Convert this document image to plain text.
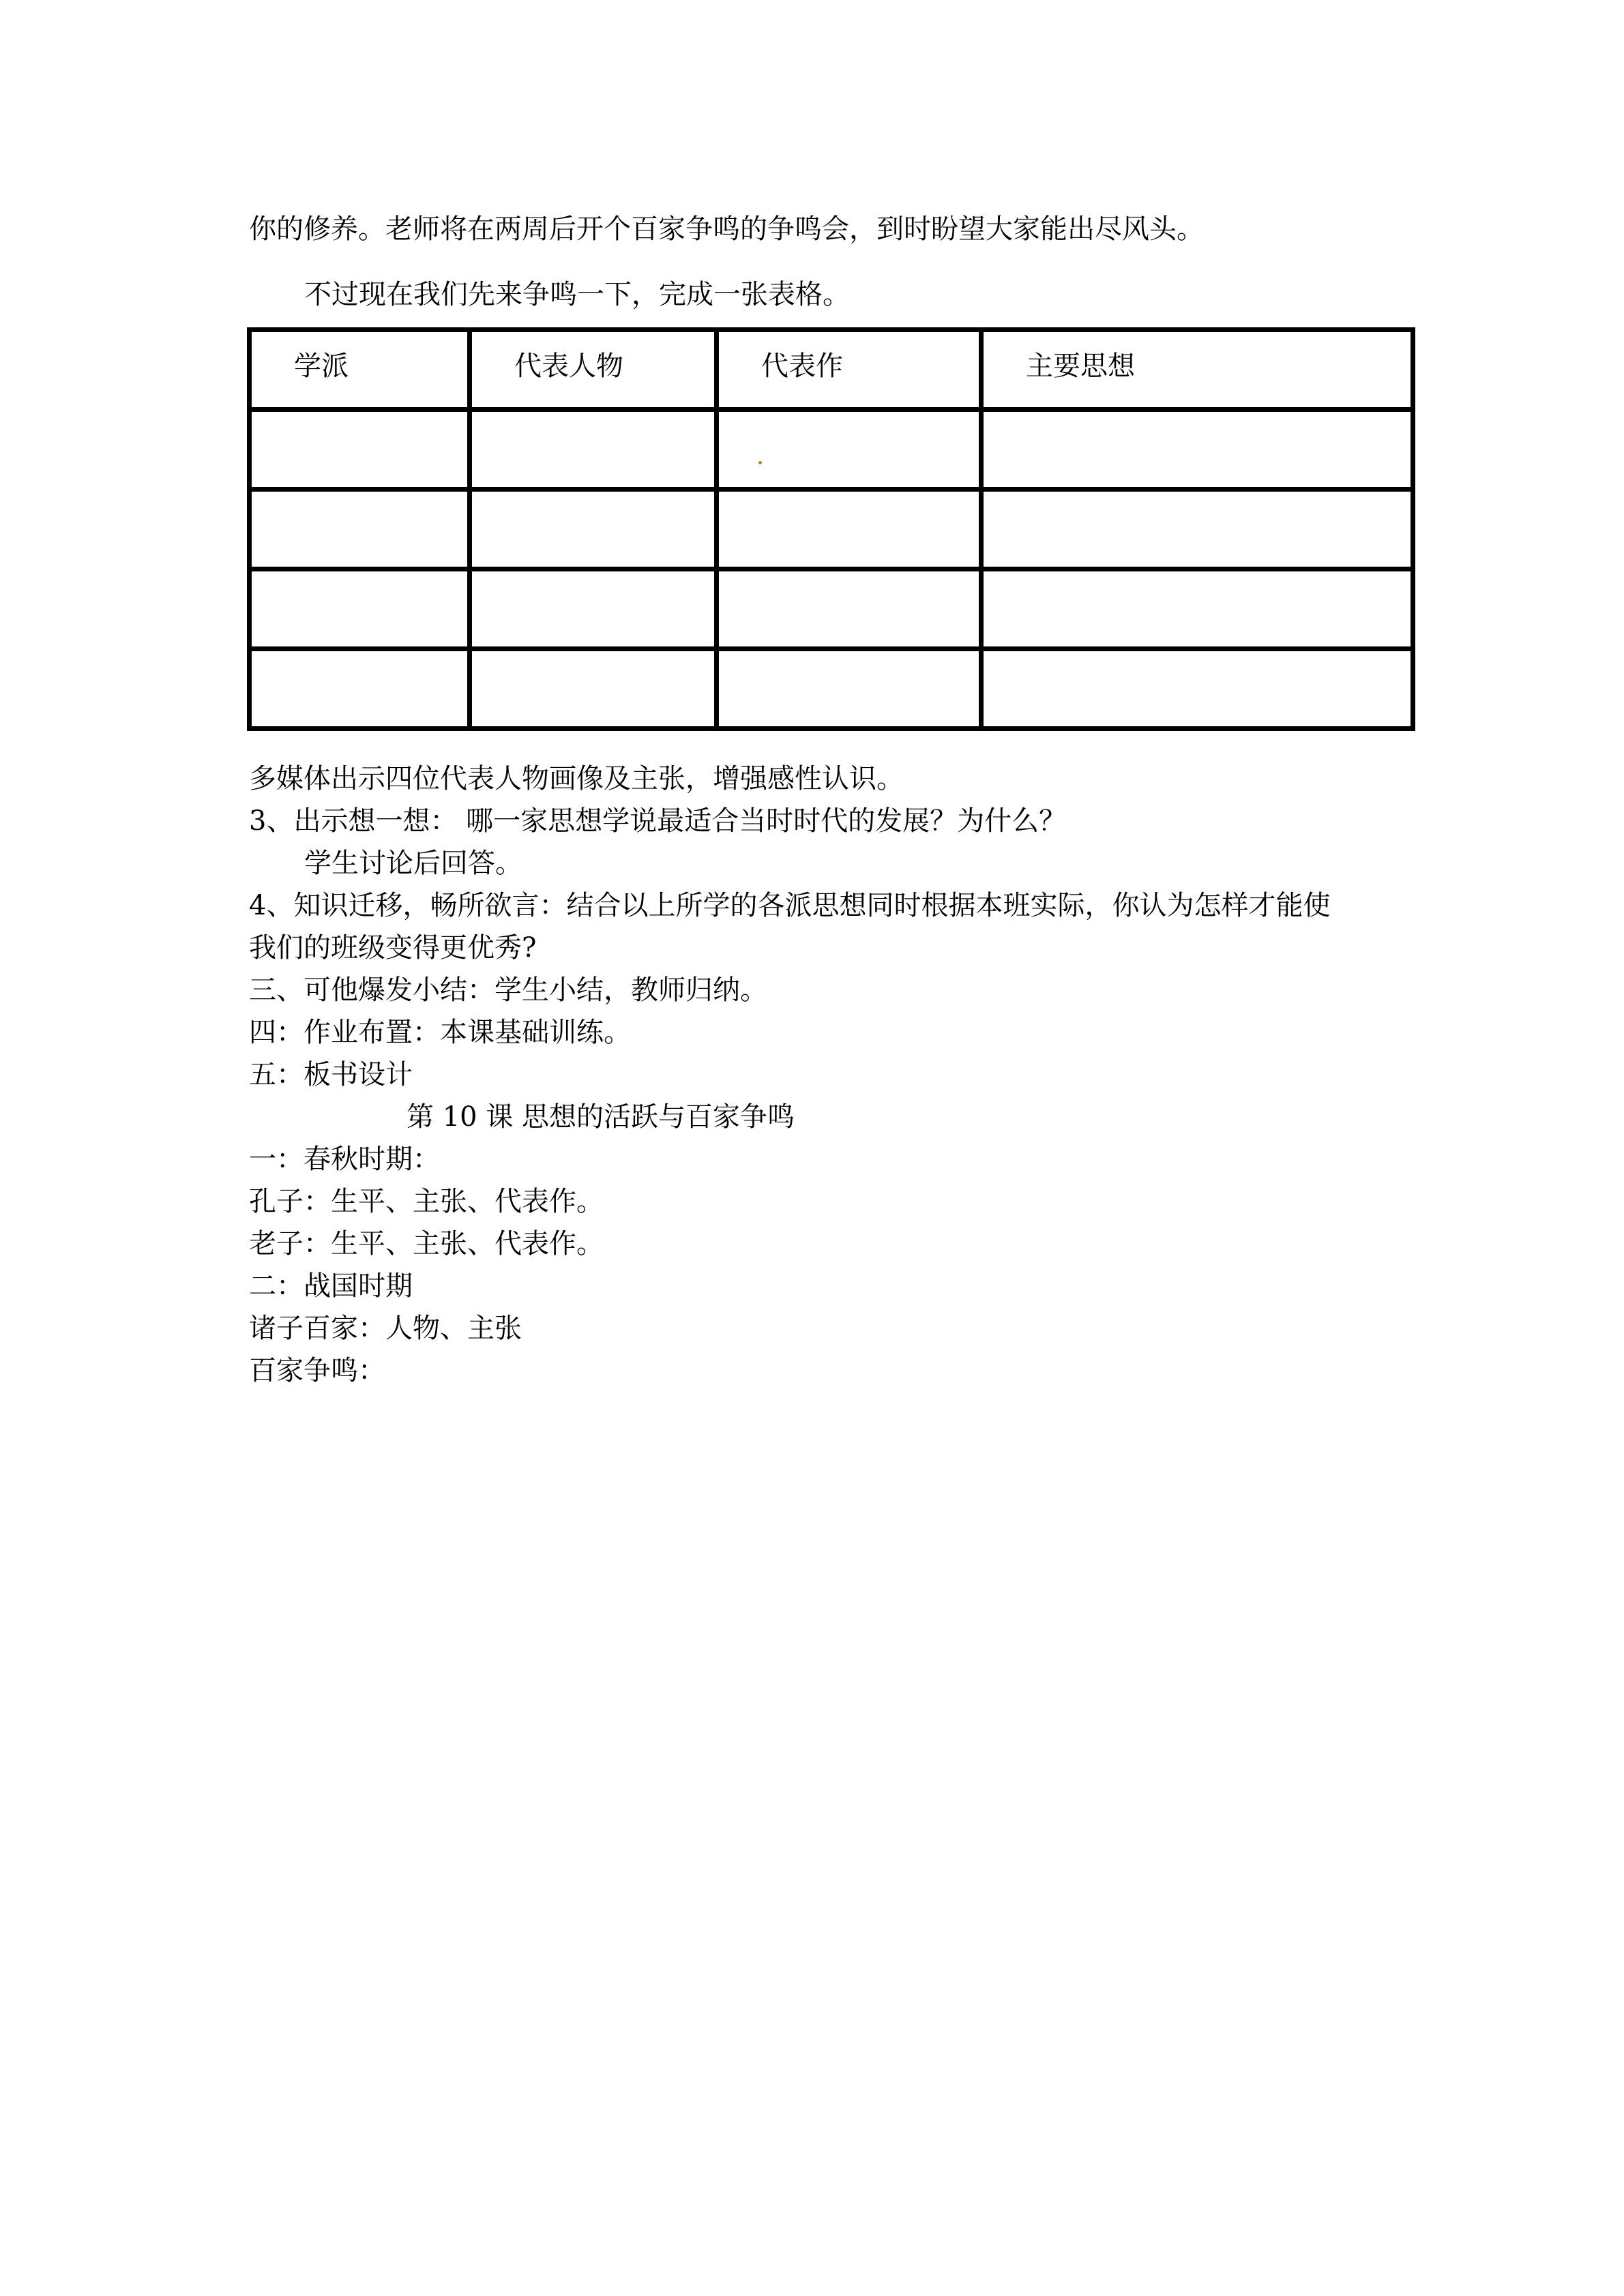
你的修养。老师将在两周后开个百家争鸣的争鸣会，到时盼望大家能出尽风头。
不过现在我们先来争鸣一下，完成一张表格。
学派	代表人物	代表作	主要思想

多媒体出示四位代表人物画像及主张，增强感性认识。
3、出示想一想： 哪一家思想学说最适合当时时代的发展？为什么？
学生讨论后回答。
4、知识迁移，畅所欲言：结合以上所学的各派思想同时根据本班实际，你认为怎样才能使
我们的班级变得更优秀?
三、可他爆发小结：学生小结，教师归纳。
四：作业布置：本课基础训练。
五：板书设计
第 10 课 思想的活跃与百家争鸣
一：春秋时期：
孔子：生平、主张、代表作。
老子：生平、主张、代表作。
二：战国时期
诸子百家：人物、主张
百家争鸣：
